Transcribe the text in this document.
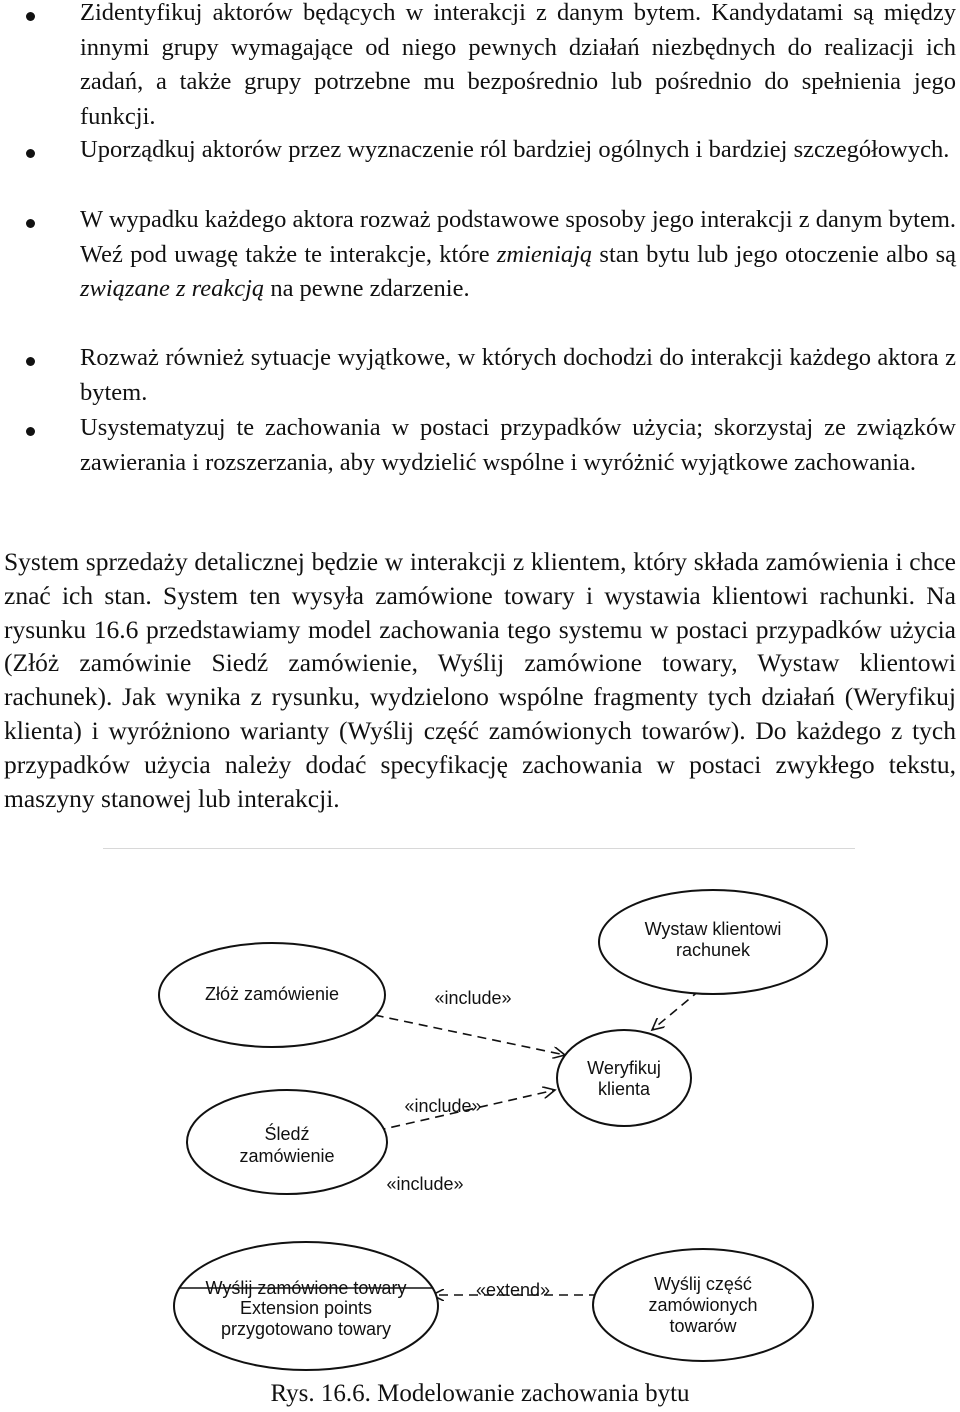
Zidentyfikuj aktorów będących w interakcji z danym bytem. Kandydatami są między innymi grupy wymagające od niego pewnych działań niezbędnych do realizacji ich zadań, a także grupy potrzebne mu bezpośrednio lub pośrednio do spełnienia jego funkcji.
Uporządkuj aktorów przez wyznaczenie ról bardziej ogólnych i bardziej szczegółowych.
W wypadku każdego aktora rozważ podstawowe sposoby jego interakcji z danym bytem. Weź pod uwagę także te interakcje, które zmieniają stan bytu lub jego otoczenie albo są związane z reakcją na pewne zdarzenie.
Rozważ również sytuacje wyjątkowe, w których dochodzi do interakcji każdego aktora z bytem.
Usystematyzuj te zachowania w postaci przypadków użycia; skorzystaj ze związków zawierania i rozszerzania, aby wydzielić wspólne i wyróżnić wyjątkowe zachowania.

System sprzedaży detalicznej będzie w interakcji z klientem, który składa zamówienia i chce znać ich stan. System ten wysyła zamówione towary i wystawia klientowi rachunki. Na rysunku 16.6 przedstawiamy model zachowania tego systemu w postaci przypadków użycia (Złóż zamówinie Siedź zamówienie, Wyślij zamówione towary, Wystaw klientowi rachunek). Jak wynika z rysunku, wydzielono wspólne fragmenty tych działań (Weryfikuj klienta) i wyróżniono warianty (Wyślij część zamówionych towarów). Do każdego z tych przypadków użycia należy dodać specyfikację zachowania w postaci zwykłego tekstu, maszyny stanowej lub interakcji.

«include»
«include»
«include»
«extend»
Wystaw klientowi
rachunek
Złóż zamówienie
Weryfikuj
klienta
Śledź
zamówienie
Wyślij zamówione towary
Extension points
przygotowano towary
Wyślij część
zamówionych
towarów

Rys. 16.6. Modelowanie zachowania bytu
